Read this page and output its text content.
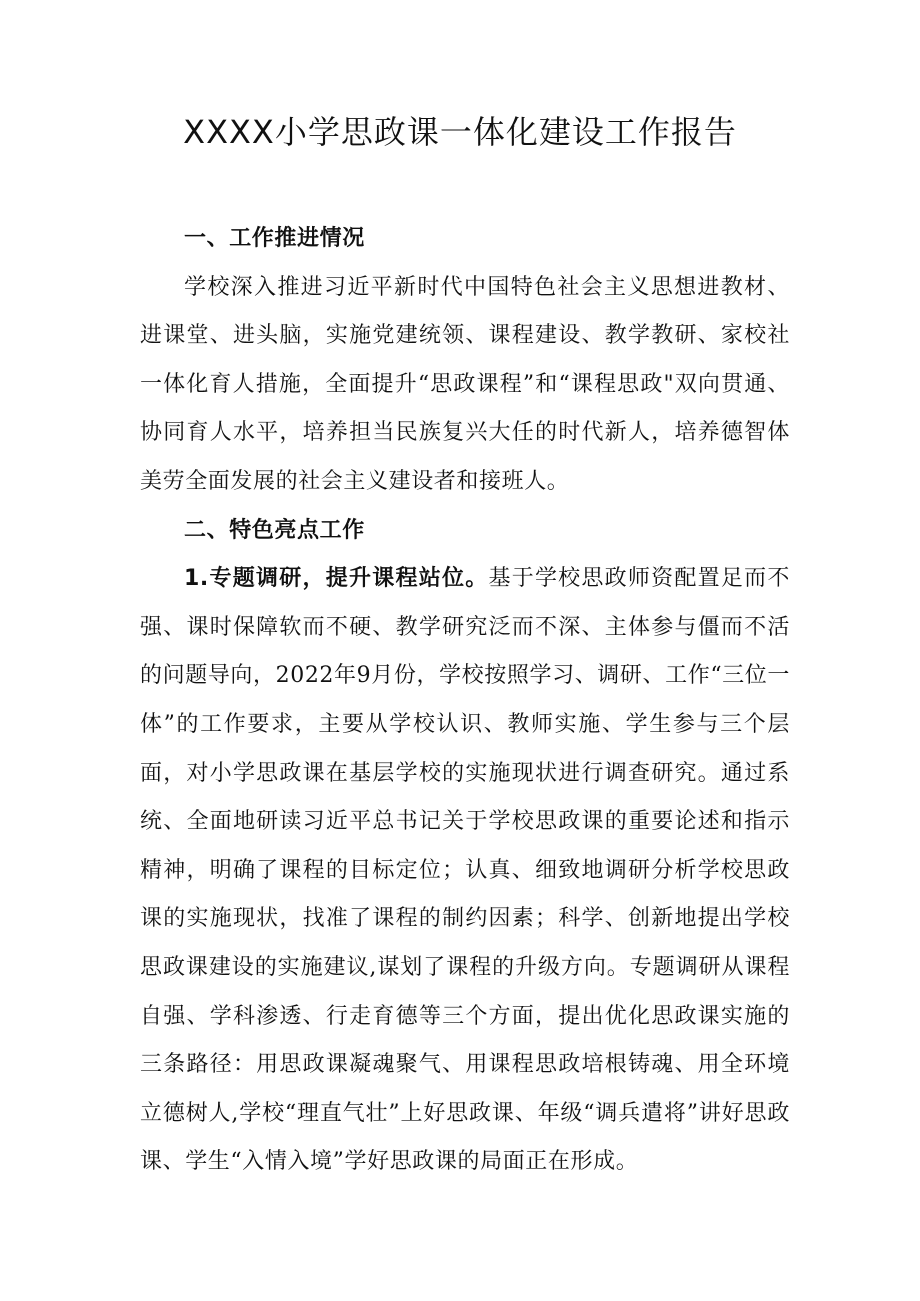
XXXX小学思政课一体化建设工作报告

一、工作推进情况

学校深入推进习近平新时代中国特色社会主义思想进教材、进课堂、进头脑，实施党建统领、课程建设、教学教研、家校社一体化育人措施，全面提升“思政课程”和“课程思政"双向贯通、协同育人水平，培养担当民族复兴大任的时代新人，培养德智体美劳全面发展的社会主义建设者和接班人。

二、特色亮点工作

1.专题调研，提升课程站位。基于学校思政师资配置足而不强、课时保障软而不硬、教学研究泛而不深、主体参与僵而不活的问题导向，2022年9月份，学校按照学习、调研、工作“三位一体”的工作要求，主要从学校认识、教师实施、学生参与三个层面，对小学思政课在基层学校的实施现状进行调查研究。通过系统、全面地研读习近平总书记关于学校思政课的重要论述和指示精神，明确了课程的目标定位；认真、细致地调研分析学校思政课的实施现状，找准了课程的制约因素；科学、创新地提出学校思政课建设的实施建议,谋划了课程的升级方向。专题调研从课程自强、学科渗透、行走育德等三个方面，提出优化思政课实施的三条路径：用思政课凝魂聚气、用课程思政培根铸魂、用全环境立德树人,学校“理直气壮”上好思政课、年级“调兵遣将”讲好思政课、学生“入情入境”学好思政课的局面正在形成。
